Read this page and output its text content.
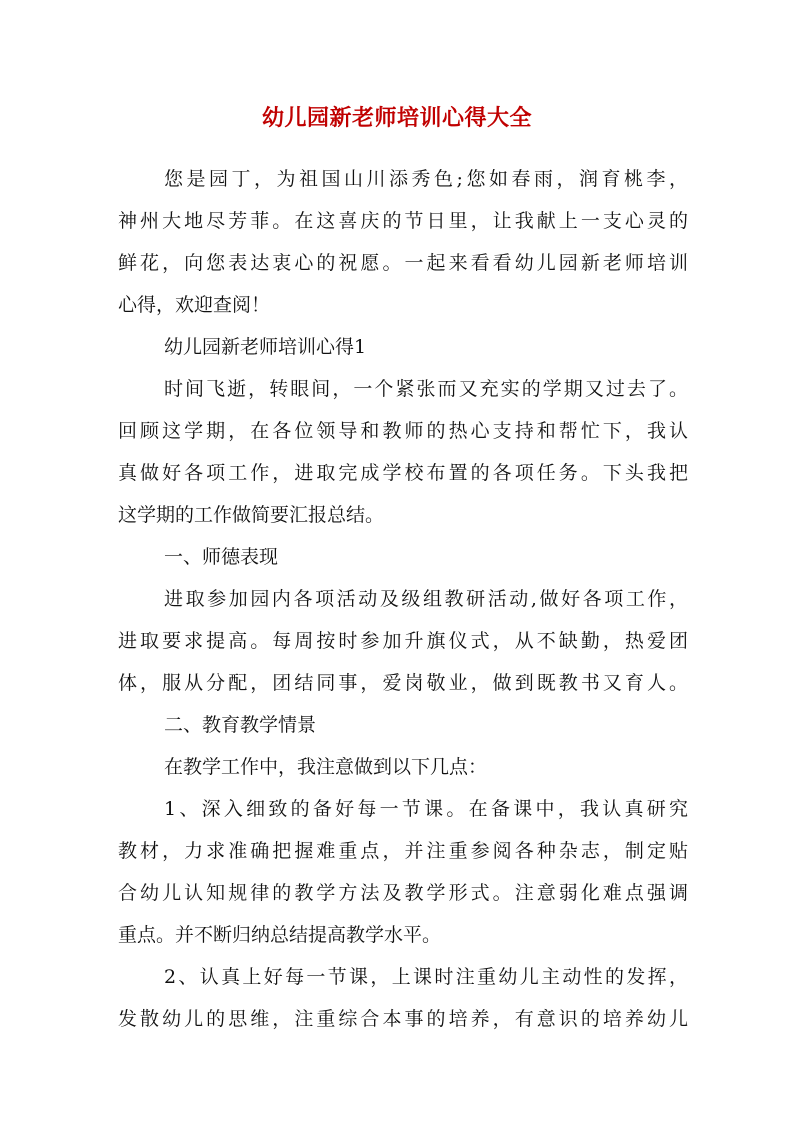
幼儿园新老师培训心得大全
您是园丁，为祖国山川添秀色;您如春雨，润育桃李，
神州大地尽芳菲。在这喜庆的节日里，让我献上一支心灵的
鲜花，向您表达衷心的祝愿。一起来看看幼儿园新老师培训
心得，欢迎查阅！
幼儿园新老师培训心得1
时间飞逝，转眼间，一个紧张而又充实的学期又过去了。
回顾这学期，在各位领导和教师的热心支持和帮忙下，我认
真做好各项工作，进取完成学校布置的各项任务。下头我把
这学期的工作做简要汇报总结。
一、师德表现
进取参加园内各项活动及级组教研活动,做好各项工作，
进取要求提高。每周按时参加升旗仪式，从不缺勤，热爱团
体，服从分配，团结同事，爱岗敬业，做到既教书又育人。
二、教育教学情景
在教学工作中，我注意做到以下几点：
1、深入细致的备好每一节课。在备课中，我认真研究
教材，力求准确把握难重点，并注重参阅各种杂志，制定贴
合幼儿认知规律的教学方法及教学形式。注意弱化难点强调
重点。并不断归纳总结提高教学水平。
2、认真上好每一节课，上课时注重幼儿主动性的发挥，
发散幼儿的思维，注重综合本事的培养，有意识的培养幼儿
